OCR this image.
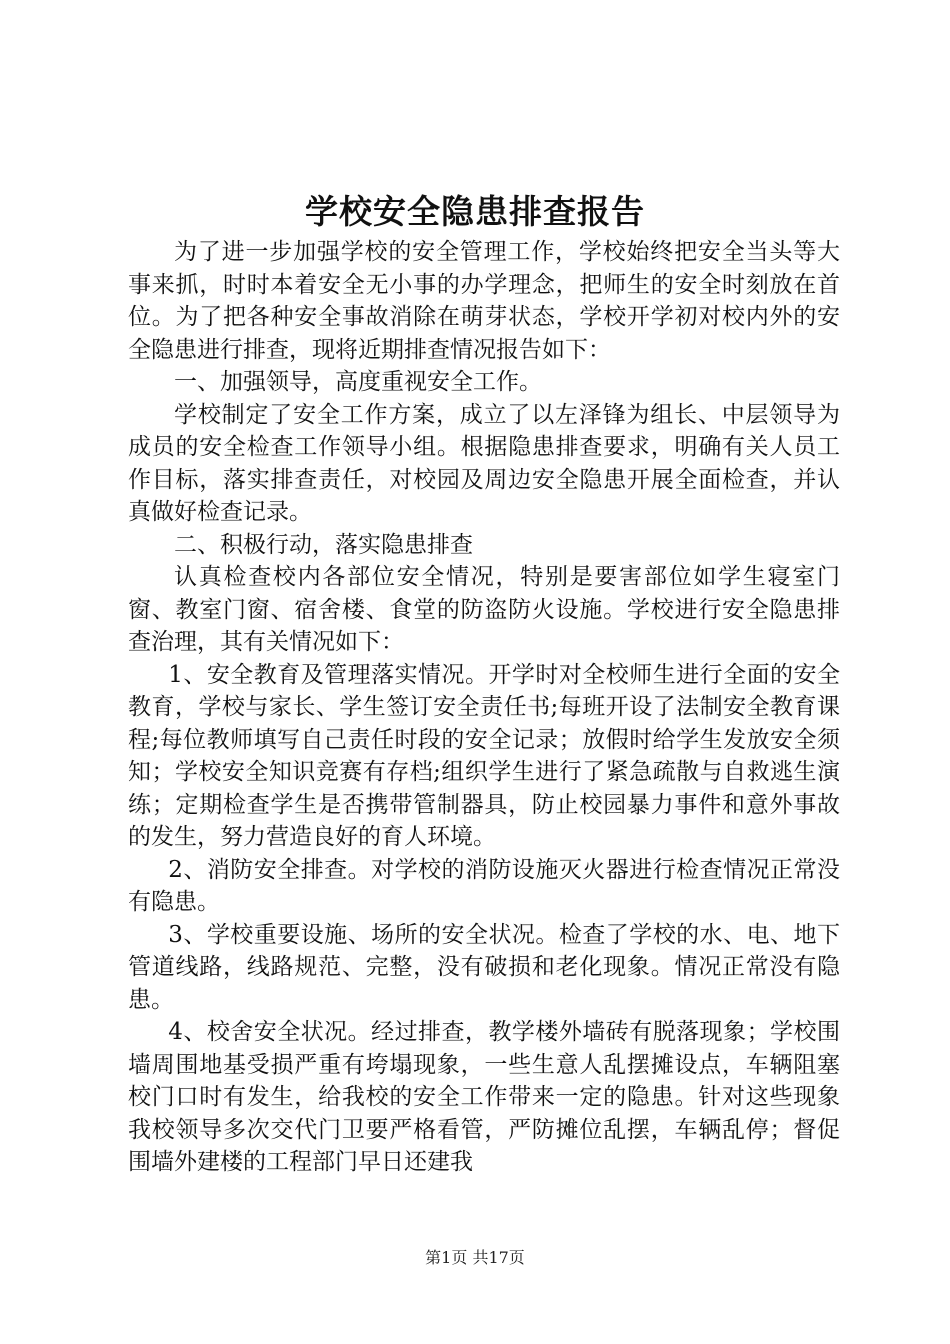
学校安全隐患排查报告

为了进一步加强学校的安全管理工作，学校始终把安全当头等大事来抓，时时本着安全无小事的办学理念，把师生的安全时刻放在首位。为了把各种安全事故消除在萌芽状态，学校开学初对校内外的安全隐患进行排查，现将近期排查情况报告如下：

一、加强领导，高度重视安全工作。

学校制定了安全工作方案，成立了以左泽锋为组长、中层领导为成员的安全检查工作领导小组。根据隐患排查要求，明确有关人员工作目标，落实排查责任，对校园及周边安全隐患开展全面检查，并认真做好检查记录。

二、积极行动，落实隐患排查

认真检查校内各部位安全情况，特别是要害部位如学生寝室门窗、教室门窗、宿舍楼、食堂的防盗防火设施。学校进行安全隐患排查治理，其有关情况如下：

1、安全教育及管理落实情况。开学时对全校师生进行全面的安全教育，学校与家长、学生签订安全责任书;每班开设了法制安全教育课程;每位教师填写自己责任时段的安全记录；放假时给学生发放安全须知；学校安全知识竞赛有存档;组织学生进行了紧急疏散与自救逃生演练；定期检查学生是否携带管制器具，防止校园暴力事件和意外事故的发生，努力营造良好的育人环境。

2、消防安全排查。对学校的消防设施灭火器进行检查情况正常没有隐患。

3、学校重要设施、场所的安全状况。检查了学校的水、电、地下管道线路，线路规范、完整，没有破损和老化现象。情况正常没有隐患。

4、校舍安全状况。经过排查，教学楼外墙砖有脱落现象；学校围墙周围地基受损严重有垮塌现象，一些生意人乱摆摊设点，车辆阻塞校门口时有发生，给我校的安全工作带来一定的隐患。针对这些现象我校领导多次交代门卫要严格看管，严防摊位乱摆，车辆乱停；督促围墙外建楼的工程部门早日还建我

第1页 共17页
